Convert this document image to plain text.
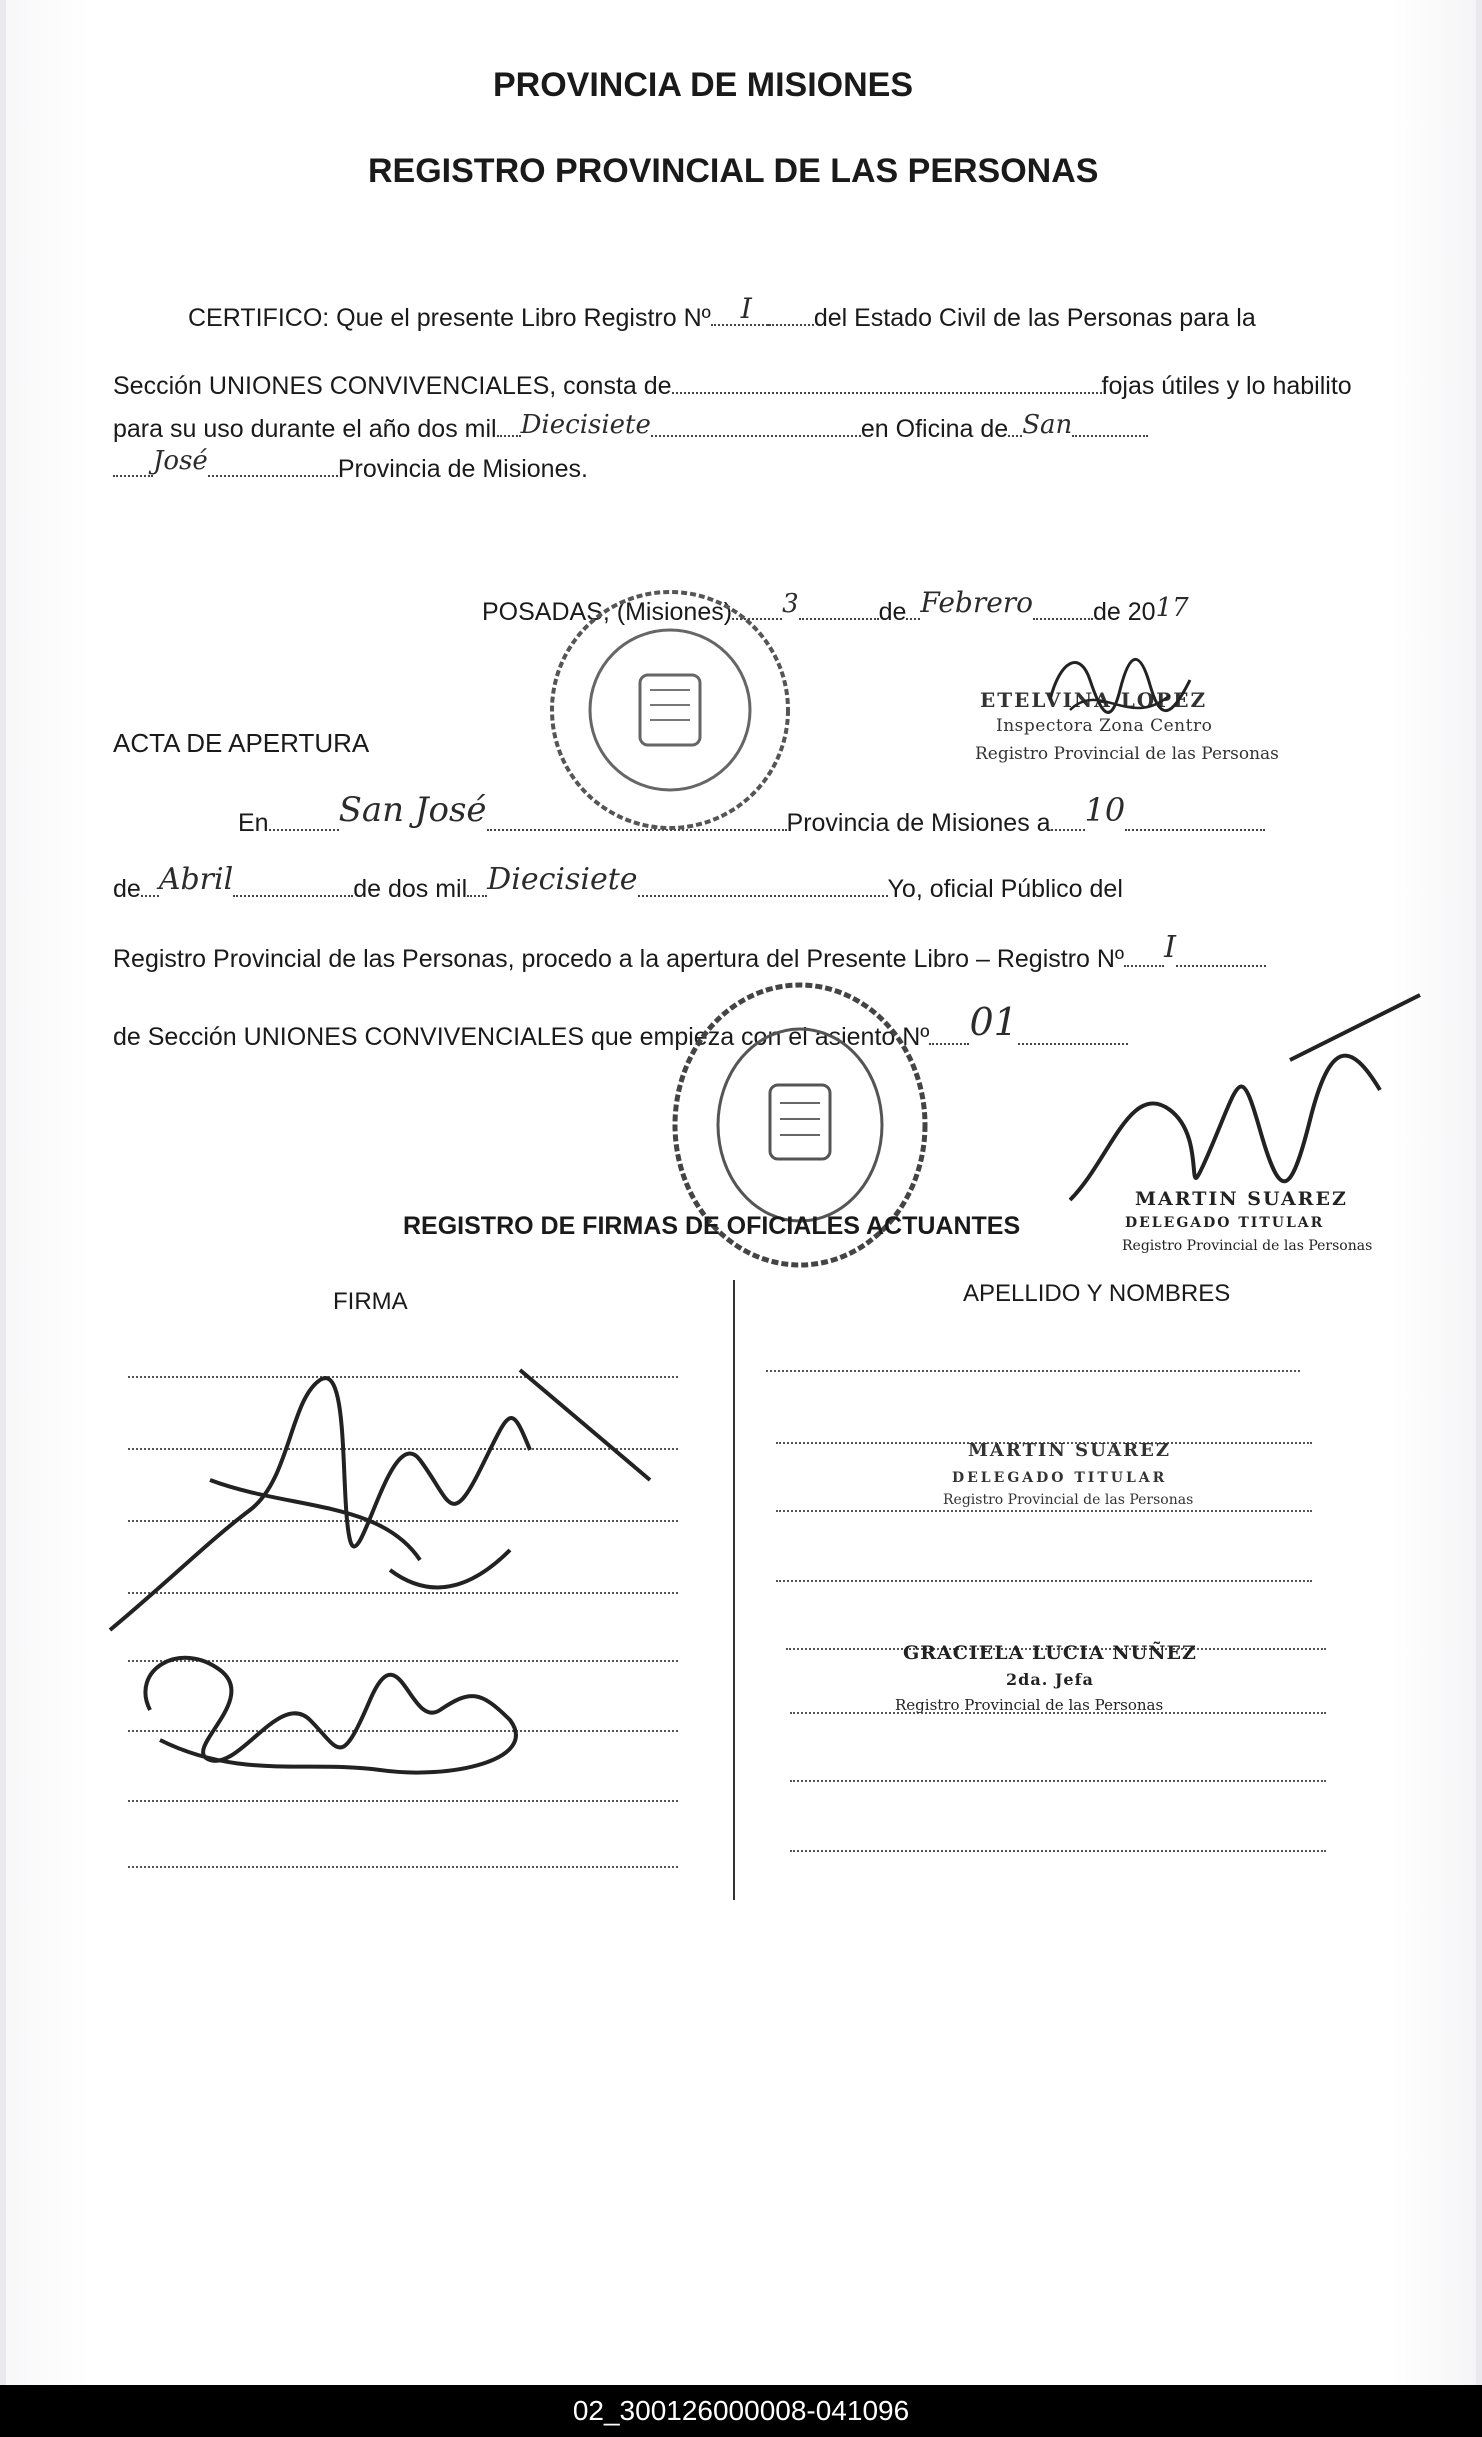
PROVINCIA DE MISIONES
REGISTRO PROVINCIAL DE LAS PERSONAS
CERTIFICO: Que el presente Libro Registro Nº I del Estado Civil de las Personas para la
Sección UNIONES CONVIVENCIALES, consta de	fojas útiles y lo habilito
para su uso durante el año dos mil Diecisiete	en Oficina de San
José	Provincia de Misiones.
POSADAS, (Misiones) 3	de Febrero de 2017
ETELVINA LOPEZ
Inspectora Zona Centro
Registro Provincial de las Personas
ACTA DE APERTURA
En San José	Provincia de Misiones a 10
de Abril	de dos mil Diecisiete	Yo, oficial Público del
Registro Provincial de las Personas, procedo a la apertura del Presente Libro – Registro Nº I
de Sección UNIONES CONVIVENCIALES que empieza con el asiento Nº 01
MARTIN SUAREZ
DELEGADO TITULAR
Registro Provincial de las Personas
REGISTRO DE FIRMAS DE OFICIALES ACTUANTES
FIRMA	APELLIDO Y NOMBRES
MARTIN SUAREZ
DELEGADO TITULAR
Registro Provincial de las Personas
GRACIELA LUCIA NUÑEZ
2da. Jefa
Registro Provincial de las Personas
02_300126000008-041096
